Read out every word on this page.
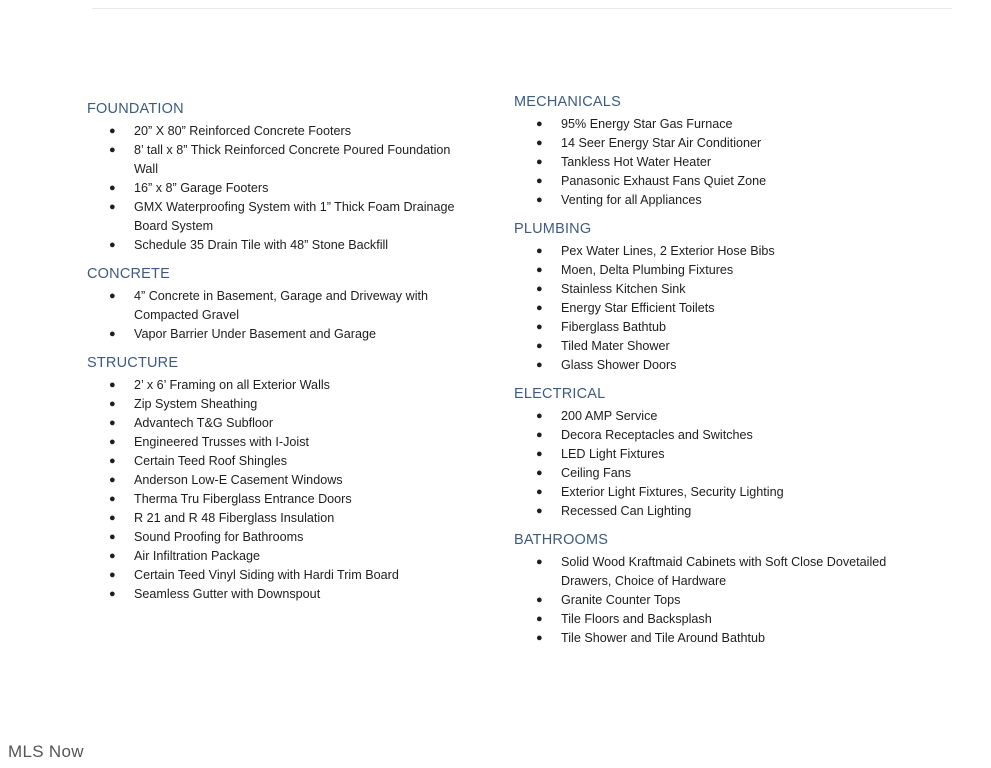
FOUNDATION
● 20” X 80” Reinforced Concrete Footers
● 8’ tall x 8” Thick Reinforced Concrete Poured Foundation Wall
● 16” x 8” Garage Footers
● GMX Waterproofing System with 1” Thick Foam Drainage Board System
● Schedule 35 Drain Tile with 48” Stone Backfill
CONCRETE
● 4” Concrete in Basement, Garage and Driveway with Compacted Gravel
● Vapor Barrier Under Basement and Garage
STRUCTURE
● 2’ x 6’ Framing on all Exterior Walls
● Zip System Sheathing
● Advantech T&G Subfloor
● Engineered Trusses with I-Joist
● Certain Teed Roof Shingles
● Anderson Low-E Casement Windows
● Therma Tru Fiberglass Entrance Doors
● R 21 and R 48 Fiberglass Insulation
● Sound Proofing for Bathrooms
● Air Infiltration Package
● Certain Teed Vinyl Siding with Hardi Trim Board
● Seamless Gutter with Downspout
MECHANICALS
● 95% Energy Star Gas Furnace
● 14 Seer Energy Star Air Conditioner
● Tankless Hot Water Heater
● Panasonic Exhaust Fans Quiet Zone
● Venting for all Appliances
PLUMBING
● Pex Water Lines, 2 Exterior Hose Bibs
● Moen, Delta Plumbing Fixtures
● Stainless Kitchen Sink
● Energy Star Efficient Toilets
● Fiberglass Bathtub
● Tiled Mater Shower
● Glass Shower Doors
ELECTRICAL
● 200 AMP Service
● Decora Receptacles and Switches
● LED Light Fixtures
● Ceiling Fans
● Exterior Light Fixtures, Security Lighting
● Recessed Can Lighting
BATHROOMS
● Solid Wood Kraftmaid Cabinets with Soft Close Dovetailed Drawers, Choice of Hardware
● Granite Counter Tops
● Tile Floors and Backsplash
● Tile Shower and Tile Around Bathtub
MLS Now
